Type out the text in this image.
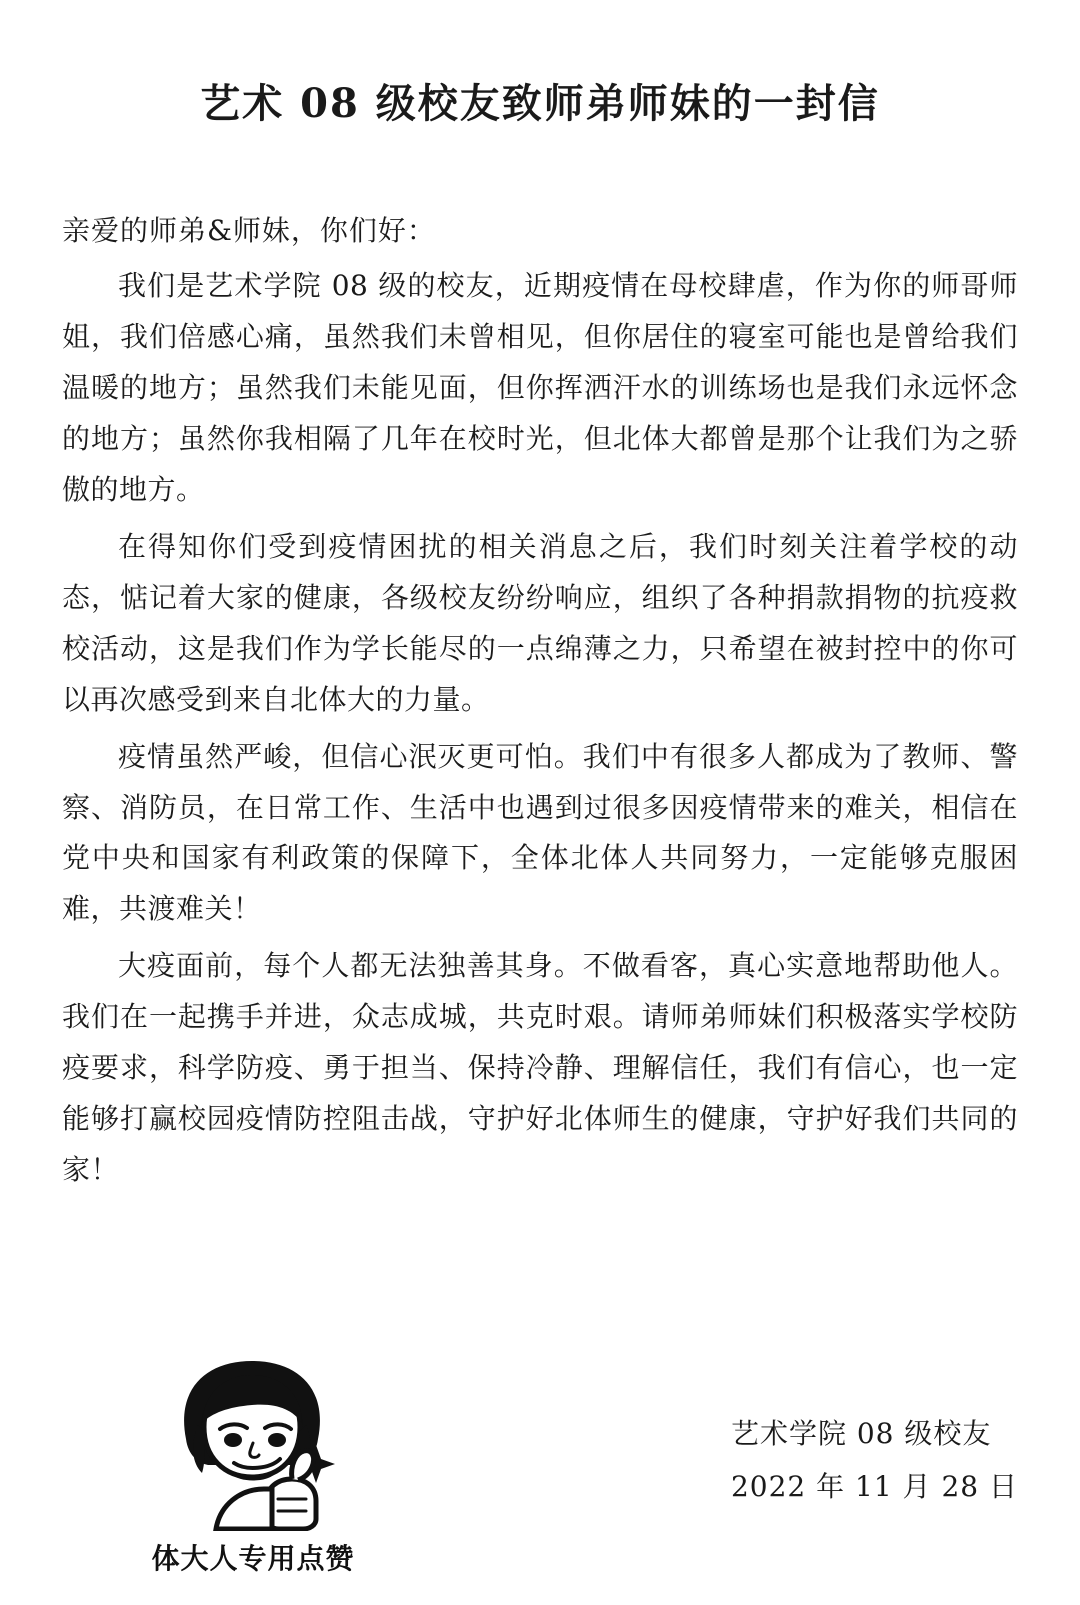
艺术 08 级校友致师弟师妹的一封信
亲爱的师弟&师妹，你们好：

我们是艺术学院 08 级的校友，近期疫情在母校肆虐，作为你的师哥师姐，我们倍感心痛，虽然我们未曾相见，但你居住的寝室可能也是曾给我们温暖的地方；虽然我们未能见面，但你挥洒汗水的训练场也是我们永远怀念的地方；虽然你我相隔了几年在校时光，但北体大都曾是那个让我们为之骄傲的地方。

在得知你们受到疫情困扰的相关消息之后，我们时刻关注着学校的动态，惦记着大家的健康，各级校友纷纷响应，组织了各种捐款捐物的抗疫救校活动，这是我们作为学长能尽的一点绵薄之力，只希望在被封控中的你可以再次感受到来自北体大的力量。

疫情虽然严峻，但信心泯灭更可怕。我们中有很多人都成为了教师、警察、消防员，在日常工作、生活中也遇到过很多因疫情带来的难关，相信在党中央和国家有利政策的保障下，全体北体人共同努力，一定能够克服困难，共渡难关！

大疫面前，每个人都无法独善其身。不做看客，真心实意地帮助他人。我们在一起携手并进，众志成城，共克时艰。请师弟师妹们积极落实学校防疫要求，科学防疫、勇于担当、保持冷静、理解信任，我们有信心，也一定能够打赢校园疫情防控阻击战，守护好北体师生的健康，守护好我们共同的家！

艺术学院 08 级校友
2022 年 11 月 28 日
体大人专用点赞
